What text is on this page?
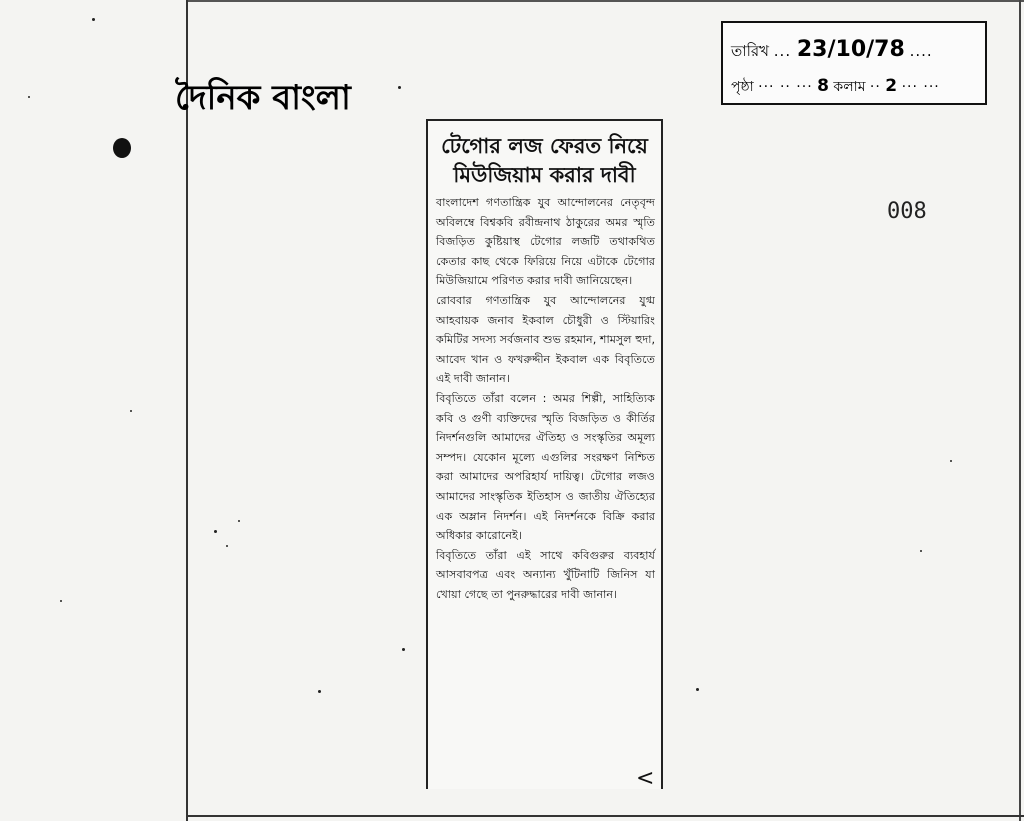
দৈনিক বাংলা
তারিখ ... 23/10/78 ....
পৃষ্ঠা ··· ·· ··· 8 কলাম ·· 2 ··· ···
008
টেগোর লজ ফেরত নিয়ে মিউজিয়াম করার দাবী

বাংলাদেশ গণতান্ত্রিক যুব আন্দোলনের নেতৃবৃন্দ অবিলম্বে বিশ্বকবি রবীন্দ্রনাথ ঠাকুরের অমর স্মৃতি বিজড়িত কুষ্টিয়াস্থ টেগোর লজটি তথাকথিত কেতার কাছ থেকে ফিরিয়ে নিয়ে এটাকে টেগোর মিউজিয়ামে পরিণত করার দাবী জানিয়েছেন।

রোববার গণতান্ত্রিক যুব আন্দোলনের যুগ্ম আহবায়ক জনাব ইকবাল চৌধুরী ও স্টিয়ারিং কমিটির সদস্য সর্বজনাব শুভ রহমান, শামসুল হুদা, আবেদ খান ও ফখরুদ্দীন ইকবাল এক বিবৃতিতে এই দাবী জানান।

বিবৃতিতে তাঁরা বলেন : অমর শিল্পী, সাহিত্যিক কবি ও গুণী ব্যক্তিদের স্মৃতি বিজড়িত ও কীর্তির নিদর্শনগুলি আমাদের ঐতিহ্য ও সংস্কৃতির অমূল্য সম্পদ। যেকোন মূল্যে এগুলির সংরক্ষণ নিশ্চিত করা আমাদের অপরিহার্য দায়িত্ব। টেগোর লজও আমাদের সাংস্কৃতিক ইতিহাস ও জাতীয় ঐতিহ্যের এক অম্লান নিদর্শন। এই নিদর্শনকে বিক্রি করার অধিকার কারোনেই।

বিবৃতিতে তাঁরা এই সাথে কবিগুরুর ব্যবহার্য আসবাবপত্র এবং অন্যান্য খুঁটিনাটি জিনিস যা খোয়া গেছে তা পুনরুদ্ধারের দাবী জানান।

<
